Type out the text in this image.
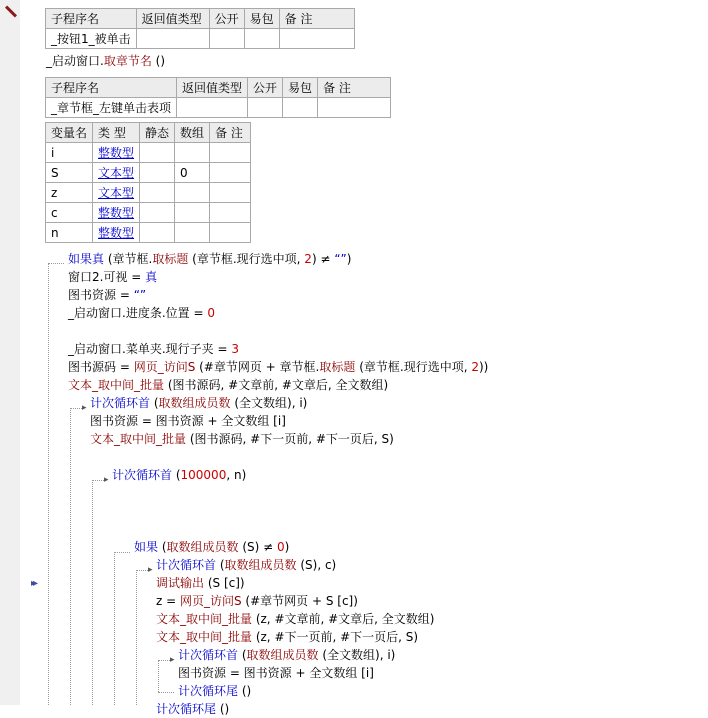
▸▸
子程序名	返回值类型	公开	易包	备 注
_按钮1_被单击				
_启动窗口.取章节名 ()
子程序名	返回值类型	公开	易包	备 注
_章节框_左键单击表项				
变量名	类 型	静态	数组	备 注
i	整数型			
S	文本型		0	
z	文本型			
c	整数型			
n	整数型			
▸
▸
▸
▸
如果真 (章节框.取标题 (章节框.现行选中项, 2) ≠ “”)
窗口2.可视 = 真
图书资源 = “”
_启动窗口.进度条.位置 = 0
_启动窗口.菜单夹.现行子夹 = 3
图书源码 = 网页_访问S (#章节网页 + 章节框.取标题 (章节框.现行选中项, 2))
文本_取中间_批量 (图书源码, #文章前, #文章后, 全文数组)
计次循环首 (取数组成员数 (全文数组), i)
图书资源 = 图书资源 + 全文数组 [i]
文本_取中间_批量 (图书源码, #下一页前, #下一页后, S)
计次循环首 (100000, n)
如果 (取数组成员数 (S) ≠ 0)
计次循环首 (取数组成员数 (S), c)
调试输出 (S [c])
z = 网页_访问S (#章节网页 + S [c])
文本_取中间_批量 (z, #文章前, #文章后, 全文数组)
文本_取中间_批量 (z, #下一页前, #下一页后, S)
计次循环首 (取数组成员数 (全文数组), i)
图书资源 = 图书资源 + 全文数组 [i]
计次循环尾 ()
计次循环尾 ()
